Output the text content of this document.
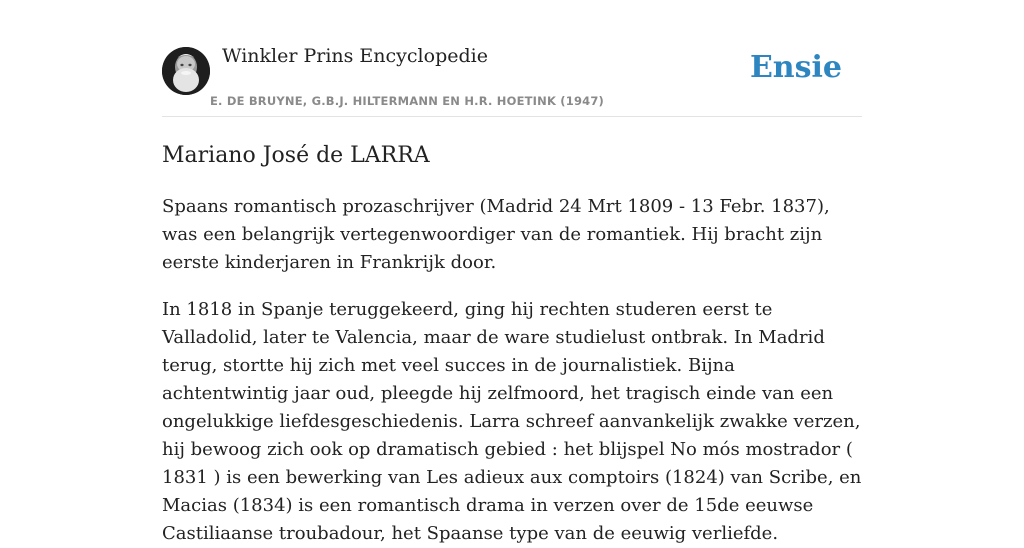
Winkler Prins Encyclopedie
E. DE BRUYNE, G.B.J. HILTERMANN EN H.R. HOETINK (1947)
Ensie
Mariano José de LARRA

Spaans romantisch prozaschrijver (Madrid 24 Mrt 1809 - 13 Febr. 1837), was een belangrijk vertegenwoordiger van de romantiek. Hij bracht zijn eerste kinderjaren in Frankrijk door.

In 1818 in Spanje teruggekeerd, ging hij rechten studeren eerst te Valladolid, later te Valencia, maar de ware studielust ontbrak. In Madrid terug, stortte hij zich met veel succes in de journalistiek. Bijna achtentwintig jaar oud, pleegde hij zelfmoord, het tragisch einde van een ongelukkige liefdesgeschiedenis. Larra schreef aanvankelijk zwakke verzen, hij bewoog zich ook op dramatisch gebied : het blijspel No mós mostrador ( 1831 ) is een bewerking van Les adieux aux comptoirs (1824) van Scribe, en Macias (1834) is een romantisch drama in verzen over de 15de eeuwse Castiliaanse troubadour, het Spaanse type van de eeuwig verliefde.
